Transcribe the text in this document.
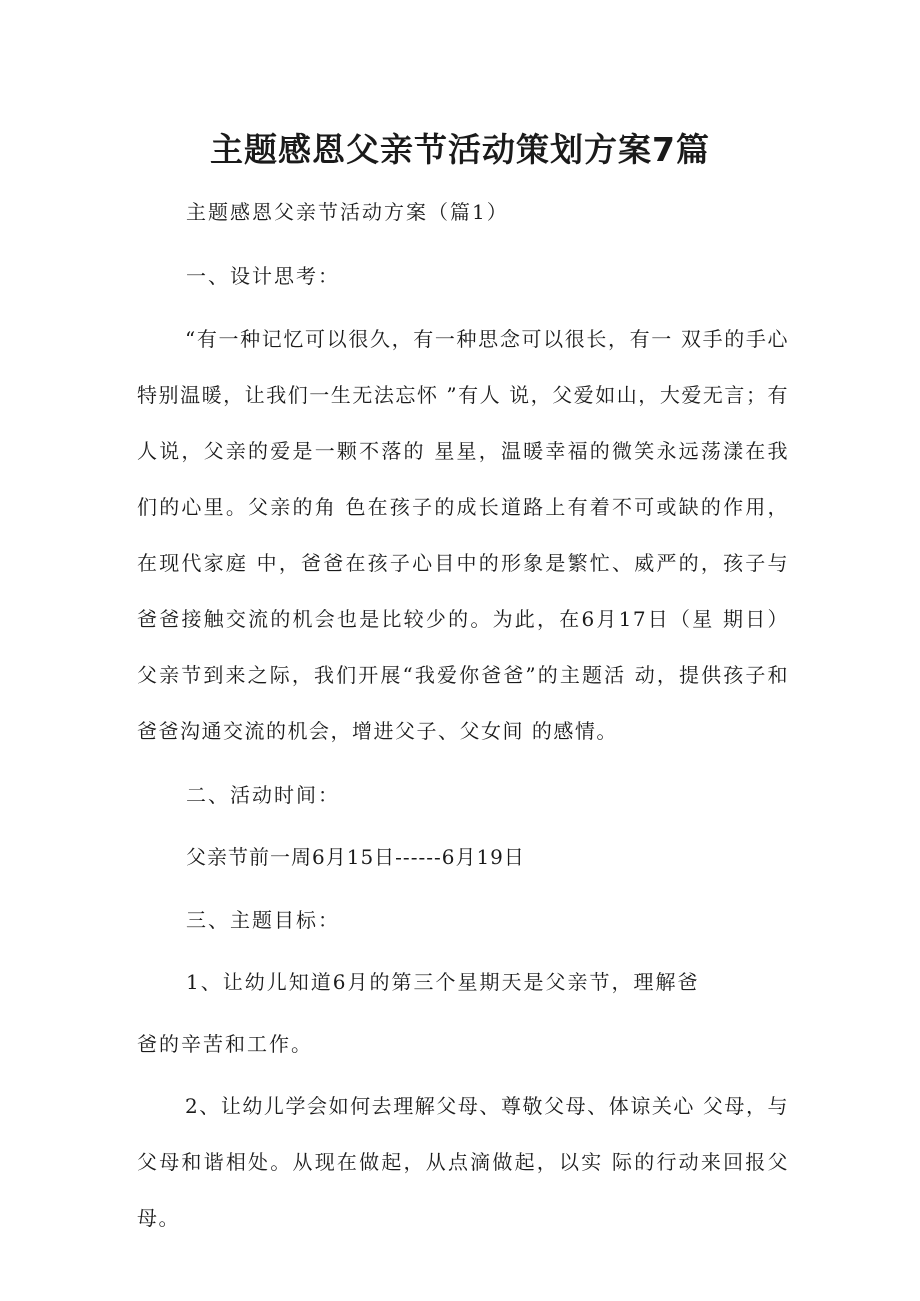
主题感恩父亲节活动策划方案7篇

主题感恩父亲节活动方案（篇1）

一、设计思考：

“有一种记忆可以很久，有一种思念可以很长，有一 双手的手心特别温暖，让我们一生无法忘怀 ”有人 说，父爱如山，大爱无言；有人说，父亲的爱是一颗不落的 星星，温暖幸福的微笑永远荡漾在我们的心里。父亲的角 色在孩子的成长道路上有着不可或缺的作用，在现代家庭 中，爸爸在孩子心目中的形象是繁忙、威严的，孩子与爸爸接触交流的机会也是比较少的。为此，在6月17日（星 期日）父亲节到来之际，我们开展“我爱你爸爸”的主题活 动，提供孩子和爸爸沟通交流的机会，增进父子、父女间 的感情。

二、活动时间：

父亲节前一周6月15日------6月19日

三、主题目标：

1、让幼儿知道6月的第三个星期天是父亲节，理解爸

爸的辛苦和工作。

2、让幼儿学会如何去理解父母、尊敬父母、体谅关心 父母，与父母和谐相处。从现在做起，从点滴做起，以实 际的行动来回报父母。
